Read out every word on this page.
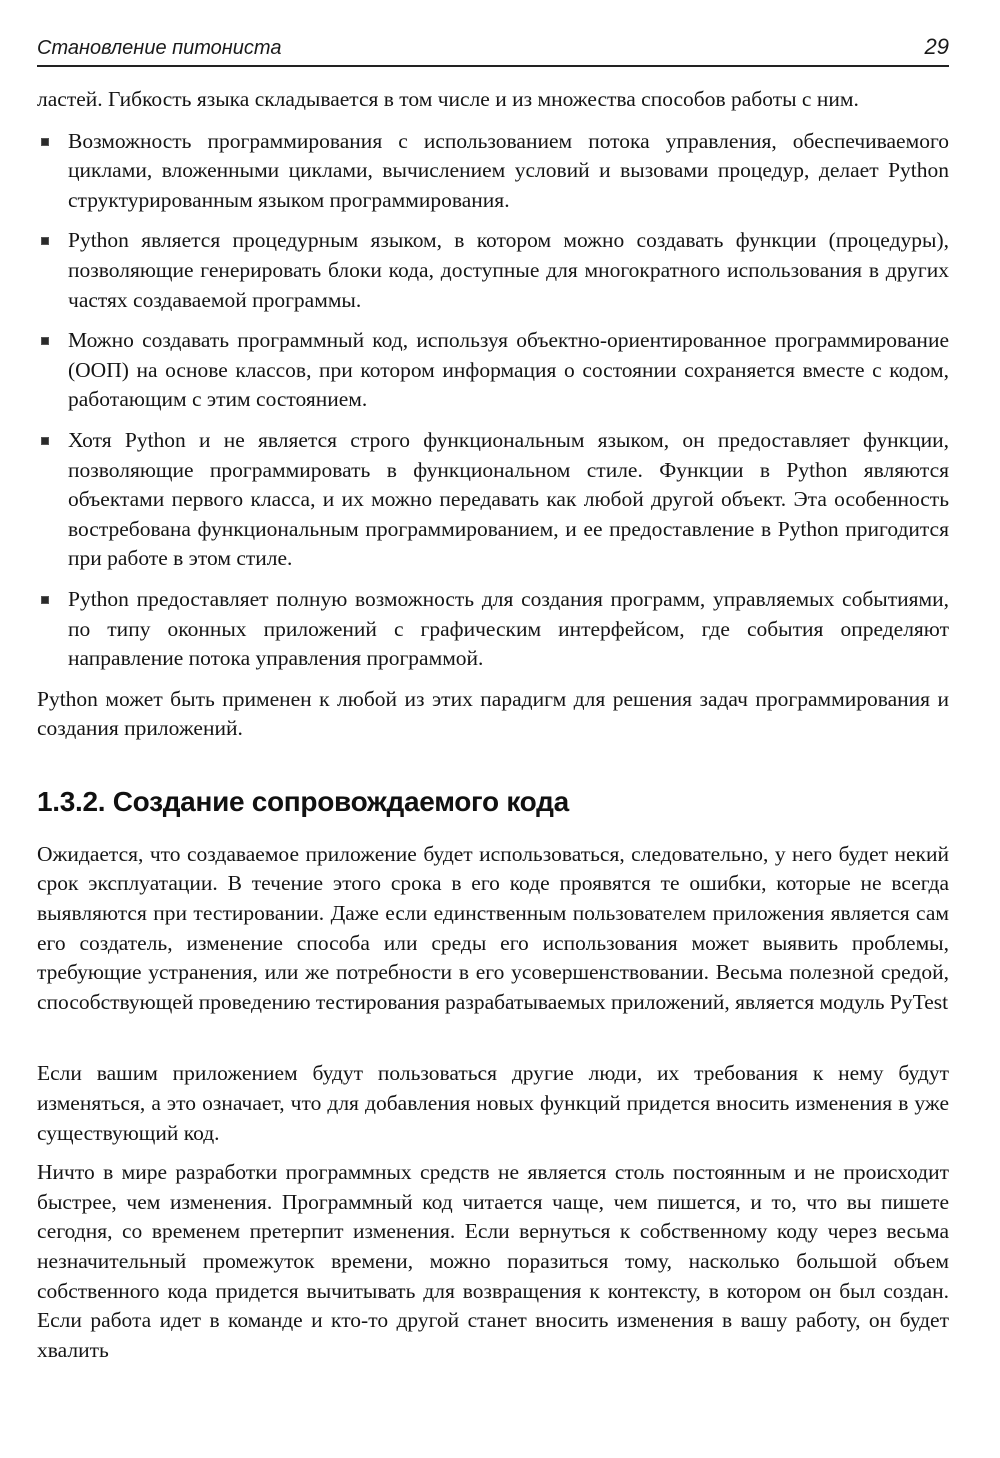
Становление питониста	29

ластей. Гибкость языка складывается в том числе и из множества способов работы с ним.

Возможность программирования с использованием потока управления, обеспечиваемого циклами, вложенными циклами, вычислением условий и вызовами процедур, делает Python структурированным языком программирования.

Python является процедурным языком, в котором можно создавать функции (процедуры), позволяющие генерировать блоки кода, доступные для многократного использования в других частях создаваемой программы.

Можно создавать программный код, используя объектно-ориентированное программирование (ООП) на основе классов, при котором информация о состоянии сохраняется вместе с кодом, работающим с этим состоянием.

Хотя Python и не является строго функциональным языком, он предоставляет функции, позволяющие программировать в функциональном стиле. Функции в Python являются объектами первого класса, и их можно передавать как любой другой объект. Эта особенность востребована функциональным программированием, и ее предоставление в Python пригодится при работе в этом стиле.

Python предоставляет полную возможность для создания программ, управляемых событиями, по типу оконных приложений с графическим интерфейсом, где события определяют направление потока управления программой.

Python может быть применен к любой из этих парадигм для решения задач программирования и создания приложений.

1.3.2. Создание сопровождаемого кода

Ожидается, что создаваемое приложение будет использоваться, следовательно, у него будет некий срок эксплуатации. В течение этого срока в его коде проявятся те ошибки, которые не всегда выявляются при тестировании. Даже если единственным пользователем приложения является сам его создатель, изменение способа или среды его использования может выявить проблемы, требующие устранения, или же потребности в его усовершенствовании. Весьма полезной средой, способствующей проведению тестирования разрабатываемых приложений, является модуль PyTest

Если вашим приложением будут пользоваться другие люди, их требования к нему будут изменяться, а это означает, что для добавления новых функций придется вносить изменения в уже существующий код.

Ничто в мире разработки программных средств не является столь постоянным и не происходит быстрее, чем изменения. Программный код читается чаще, чем пишется, и то, что вы пишете сегодня, со временем претерпит изменения. Если вернуться к собственному коду через весьма незначительный промежуток времени, можно поразиться тому, насколько большой объем собственного кода придется вычитывать для возвращения к контексту, в котором он был создан. Если работа идет в команде и кто-то другой станет вносить изменения в вашу работу, он будет хвалить
